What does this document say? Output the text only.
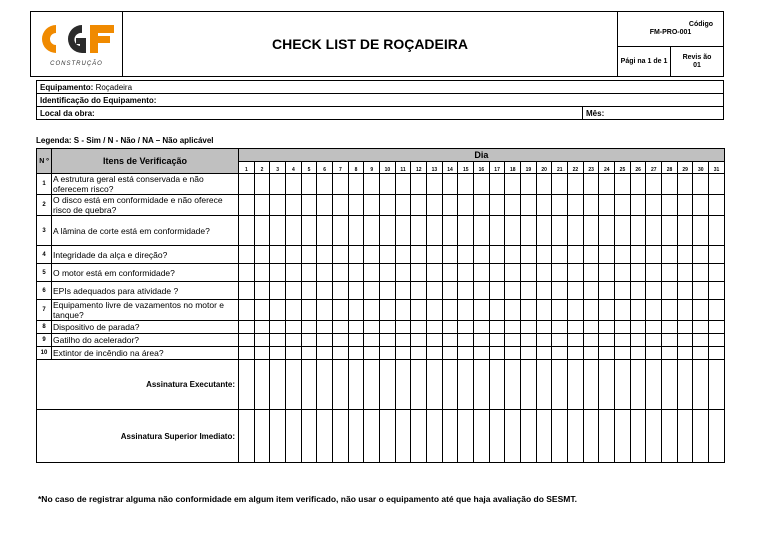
CONSTRUÇÃO	CHECK LIST DE ROÇADEIRA	Código
FM-PRO-001	

		Pági na 1 de 1	Revis ão
01
Equipamento: Roçadeira
Identificação do Equipamento:
Local da obra:	Mês:
Legenda: S - Sim / N - Não / NA – Não aplicável
N º	Itens de Verificação	Dia																														
		1	2	3	4	5	6	7	8	9	10	11	12	13	14	15	16	17	18	19	20	21	22	23	24	25	26	27	28	29	30	31
1	A estrutura geral está conservada e não oferecem risco?																															
2	O disco está em conformidade e não oferece risco de quebra?																															
3	A lâmina de corte está em conformidade?																															
4	Integridade da alça e direção?																															
5	O motor está em conformidade?																															
6	EPIs adequados para atividade ?																															
7	Equipamento livre de vazamentos no motor e tanque?																															
8	Dispositivo de parada?																															
9	Gatilho do acelerador?																															
10	Extintor de incêndio na área?																															
Assinatura Executante:																																
Assinatura Superior Imediato:																																
*No caso de registrar alguma não conformidade em algum item verificado, não usar o equipamento até que haja avaliação do SESMT.
